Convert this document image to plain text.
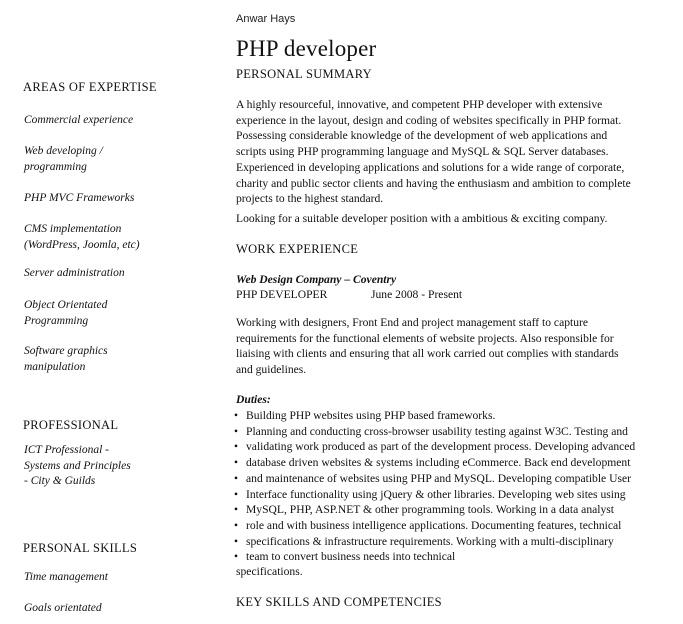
Anwar Hays
PHP developer
AREAS OF EXPERTISE
Commercial experience
Web developing /
programming
PHP MVC Frameworks
CMS implementation
(WordPress, Joomla, etc)
Server administration
Object Orientated
Programming
Software graphics
manipulation
PROFESSIONAL
ICT Professional -
Systems and Principles
- City & Guilds
PERSONAL SKILLS
Time management
Goals orientated
PERSONAL SUMMARY
A highly resourceful, innovative, and competent PHP developer with extensive
experience in the layout, design and coding of websites specifically in PHP format.
Possessing considerable knowledge of the development of web applications and
scripts using PHP programming language and MySQL & SQL Server databases.
Experienced in developing applications and solutions for a wide range of corporate,
charity and public sector clients and having the enthusiasm and ambition to complete
projects to the highest standard.
Looking for a suitable developer position with a ambitious & exciting company.
WORK EXPERIENCE
Web Design Company – Coventry
PHP DEVELOPER	June 2008 - Present
Working with designers, Front End and project management staff to capture
requirements for the functional elements of website projects. Also responsible for
liaising with clients and ensuring that all work carried out complies with standards
and guidelines.
Duties:
• Building PHP websites using PHP based frameworks.
• Planning and conducting cross-browser usability testing against W3C. Testing and
• validating work produced as part of the development process. Developing advanced
• database driven websites & systems including eCommerce. Back end development
• and maintenance of websites using PHP and MySQL. Developing compatible User
• Interface functionality using jQuery & other libraries. Developing web sites using
• MySQL, PHP, ASP.NET & other programming tools. Working in a data analyst
• role and with business intelligence applications. Documenting features, technical
• specifications & infrastructure requirements. Working with a multi-disciplinary
• team to convert business needs into technical
specifications.
KEY SKILLS AND COMPETENCIES
